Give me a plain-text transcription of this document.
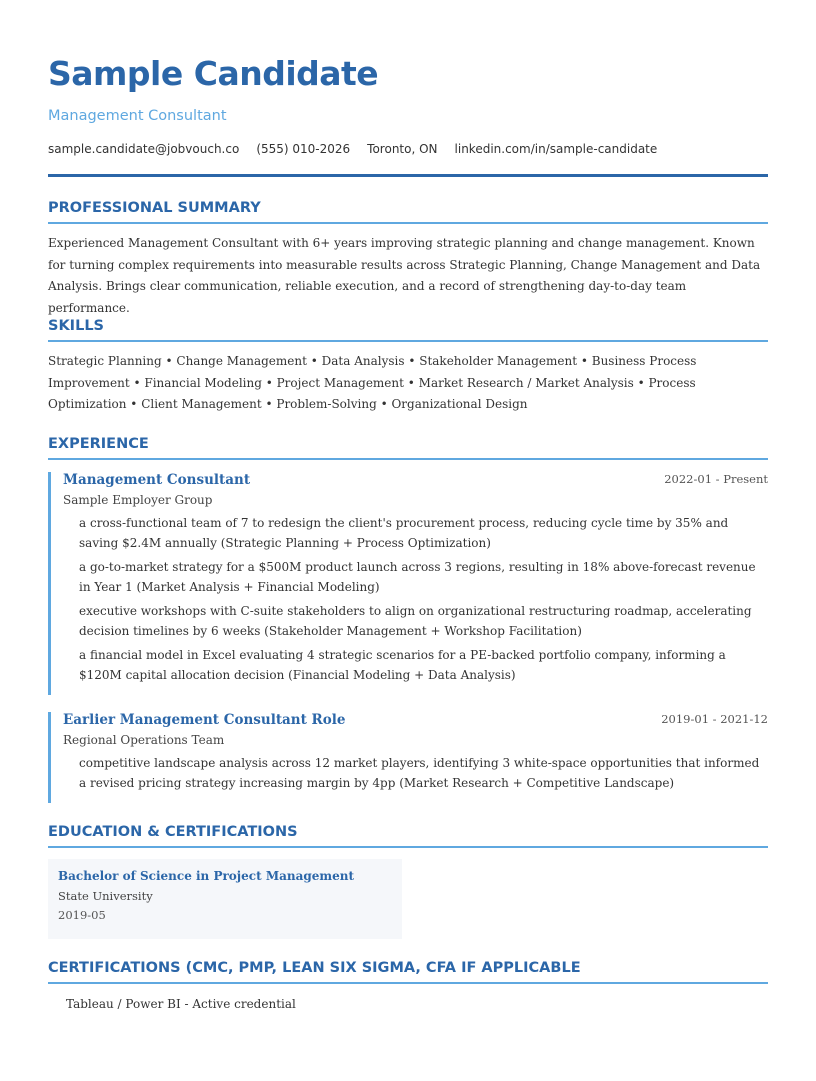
Sample Candidate
Management Consultant
sample.candidate@jobvouch.co (555) 010-2026 Toronto, ON linkedin.com/in/sample-candidate
PROFESSIONAL SUMMARY
Experienced Management Consultant with 6+ years improving strategic planning and change management. Known for turning complex requirements into measurable results across Strategic Planning, Change Management and Data Analysis. Brings clear communication, reliable execution, and a record of strengthening day-to-day team performance.
SKILLS
Strategic Planning • Change Management • Data Analysis • Stakeholder Management • Business Process Improvement • Financial Modeling • Project Management • Market Research / Market Analysis • Process Optimization • Client Management • Problem-Solving • Organizational Design
EXPERIENCE
Management Consultant	2022-01 - Present
Sample Employer Group
a cross-functional team of 7 to redesign the client's procurement process, reducing cycle time by 35% and saving $2.4M annually (Strategic Planning + Process Optimization)
a go-to-market strategy for a $500M product launch across 3 regions, resulting in 18% above-forecast revenue in Year 1 (Market Analysis + Financial Modeling)
executive workshops with C-suite stakeholders to align on organizational restructuring roadmap, accelerating decision timelines by 6 weeks (Stakeholder Management + Workshop Facilitation)
a financial model in Excel evaluating 4 strategic scenarios for a PE-backed portfolio company, informing a $120M capital allocation decision (Financial Modeling + Data Analysis)
Earlier Management Consultant Role	2019-01 - 2021-12
Regional Operations Team
competitive landscape analysis across 12 market players, identifying 3 white-space opportunities that informed a revised pricing strategy increasing margin by 4pp (Market Research + Competitive Landscape)
EDUCATION & CERTIFICATIONS
Bachelor of Science in Project Management
State University
2019-05
CERTIFICATIONS (CMC, PMP, LEAN SIX SIGMA, CFA IF APPLICABLE
Tableau / Power BI - Active credential
